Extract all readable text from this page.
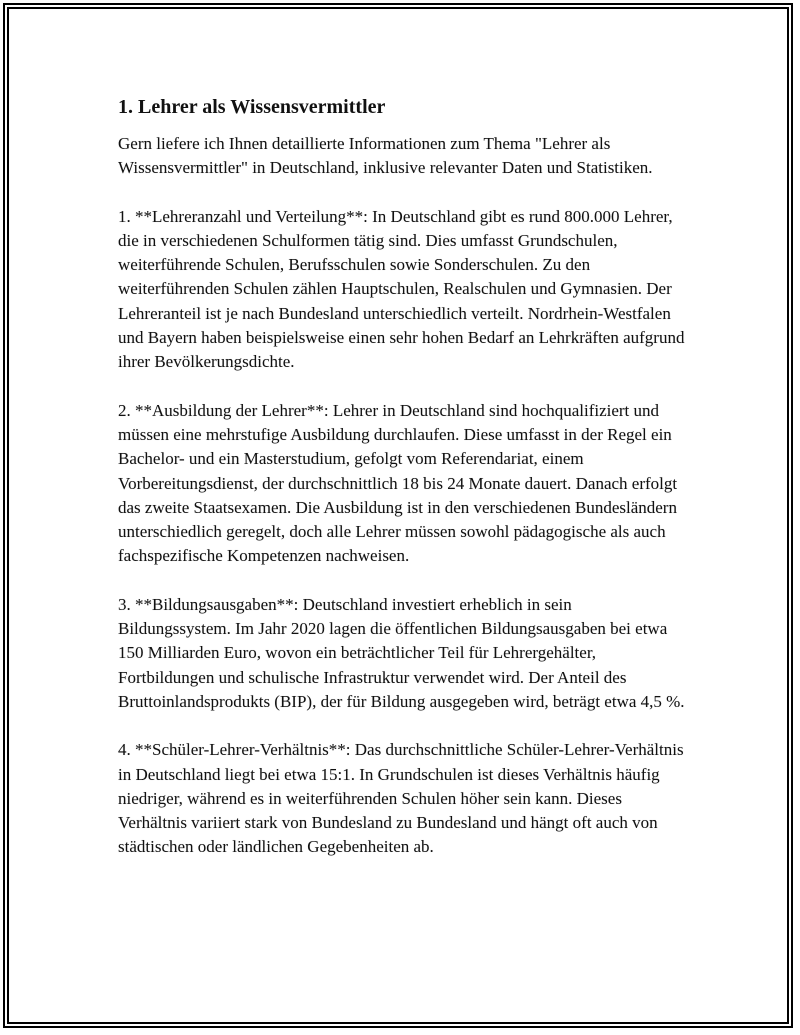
1. Lehrer als Wissensvermittler

Gern liefere ich Ihnen detaillierte Informationen zum Thema "Lehrer als Wissensvermittler" in Deutschland, inklusive relevanter Daten und Statistiken.

1. **Lehreranzahl und Verteilung**: In Deutschland gibt es rund 800.000 Lehrer, die in verschiedenen Schulformen tätig sind. Dies umfasst Grundschulen, weiterführende Schulen, Berufsschulen sowie Sonderschulen. Zu den weiterführenden Schulen zählen Hauptschulen, Realschulen und Gymnasien. Der Lehreranteil ist je nach Bundesland unterschiedlich verteilt. Nordrhein-Westfalen und Bayern haben beispielsweise einen sehr hohen Bedarf an Lehrkräften aufgrund ihrer Bevölkerungsdichte.

2. **Ausbildung der Lehrer**: Lehrer in Deutschland sind hochqualifiziert und müssen eine mehrstufige Ausbildung durchlaufen. Diese umfasst in der Regel ein Bachelor- und ein Masterstudium, gefolgt vom Referendariat, einem Vorbereitungsdienst, der durchschnittlich 18 bis 24 Monate dauert. Danach erfolgt das zweite Staatsexamen. Die Ausbildung ist in den verschiedenen Bundesländern unterschiedlich geregelt, doch alle Lehrer müssen sowohl pädagogische als auch fachspezifische Kompetenzen nachweisen.

3. **Bildungsausgaben**: Deutschland investiert erheblich in sein Bildungssystem. Im Jahr 2020 lagen die öffentlichen Bildungsausgaben bei etwa 150 Milliarden Euro, wovon ein beträchtlicher Teil für Lehrergehälter, Fortbildungen und schulische Infrastruktur verwendet wird. Der Anteil des Bruttoinlandsprodukts (BIP), der für Bildung ausgegeben wird, beträgt etwa 4,5 %.

4. **Schüler-Lehrer-Verhältnis**: Das durchschnittliche Schüler-Lehrer-Verhältnis in Deutschland liegt bei etwa 15:1. In Grundschulen ist dieses Verhältnis häufig niedriger, während es in weiterführenden Schulen höher sein kann. Dieses Verhältnis variiert stark von Bundesland zu Bundesland und hängt oft auch von städtischen oder ländlichen Gegebenheiten ab.
